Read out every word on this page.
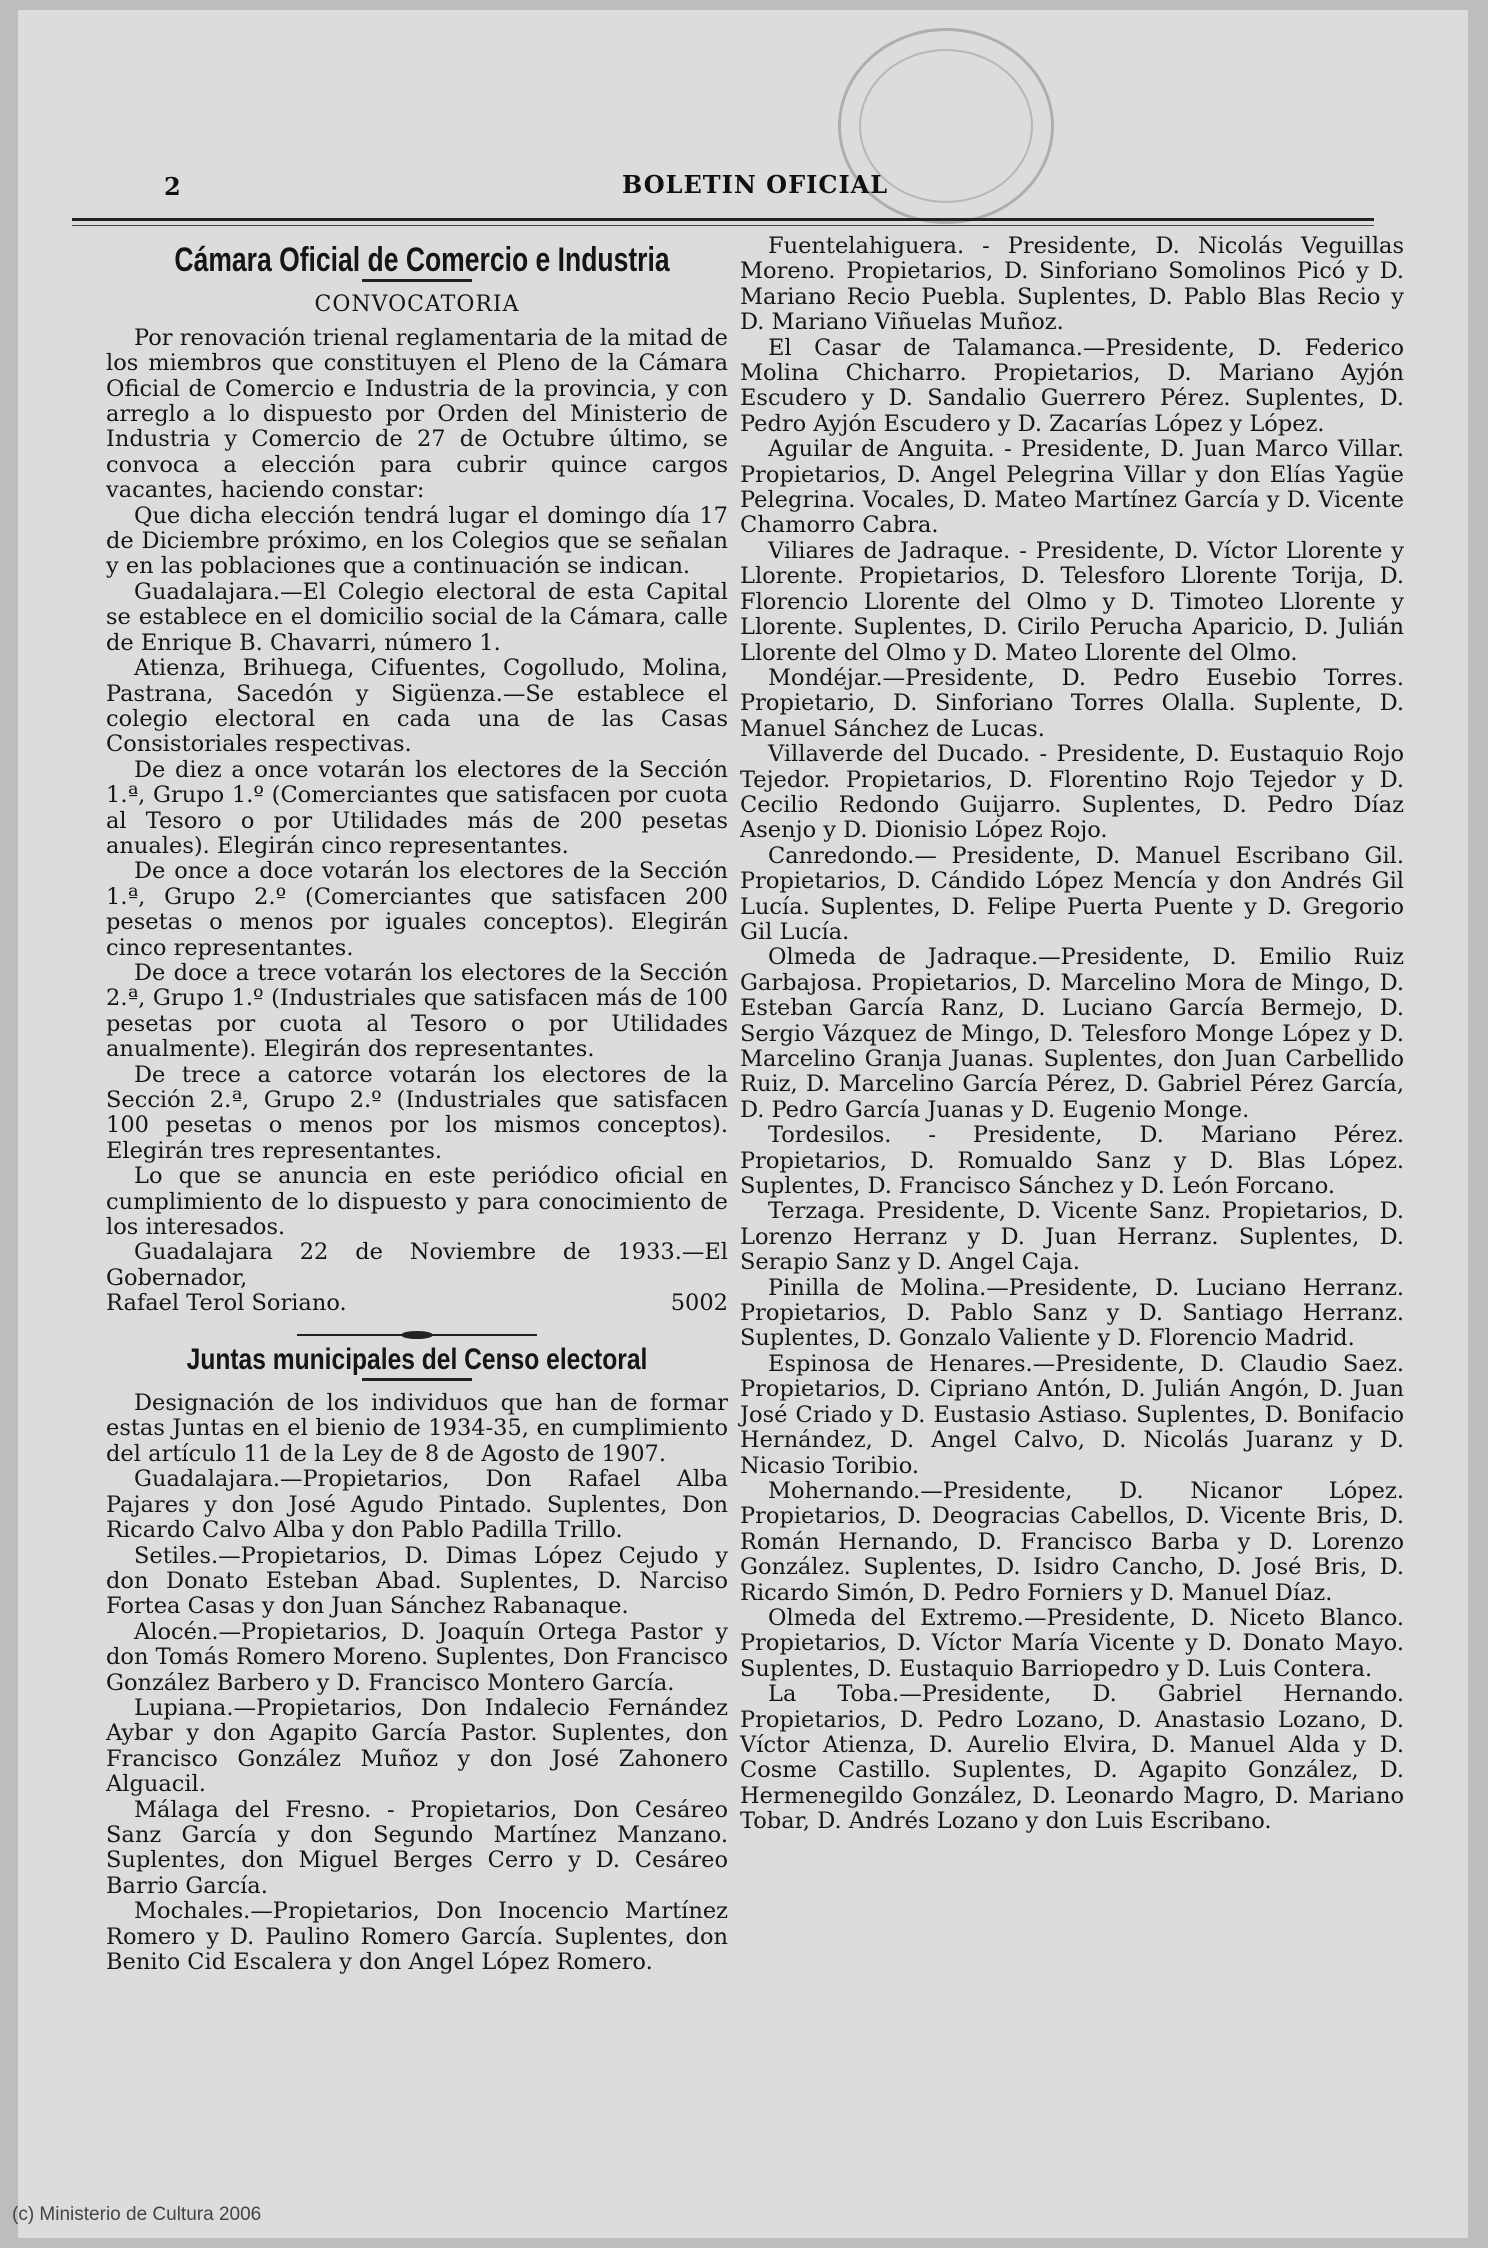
2	BOLETIN OFICIAL
Cámara Oficial de Comercio e Industria
CONVOCATORIA

Por renovación trienal reglamentaria de la mitad de los miembros que constituyen el Pleno de la Cámara Oficial de Comercio e Industria de la provincia, y con arreglo a lo dispuesto por Orden del Ministerio de Industria y Comercio de 27 de Octubre último, se convoca a elección para cubrir quince cargos vacantes, haciendo constar:

Que dicha elección tendrá lugar el domingo día 17 de Diciembre próximo, en los Colegios que se señalan y en las poblaciones que a continuación se indican.

Guadalajara.—El Colegio electoral de esta Capital se establece en el domicilio social de la Cámara, calle de Enrique B. Chavarri, número 1.

Atienza, Brihuega, Cifuentes, Cogolludo, Molina, Pastrana, Sacedón y Sigüenza.—Se establece el colegio electoral en cada una de las Casas Consistoriales respectivas.

De diez a once votarán los electores de la Sección 1.ª, Grupo 1.º (Comerciantes que satisfacen por cuota al Tesoro o por Utilidades más de 200 pesetas anuales). Elegirán cinco representantes.

De once a doce votarán los electores de la Sección 1.ª, Grupo 2.º (Comerciantes que satisfacen 200 pesetas o menos por iguales conceptos). Elegirán cinco representantes.

De doce a trece votarán los electores de la Sección 2.ª, Grupo 1.º (Industriales que satisfacen más de 100 pesetas por cuota al Tesoro o por Utilidades anualmente). Elegirán dos representantes.

De trece a catorce votarán los electores de la Sección 2.ª, Grupo 2.º (Industriales que satisfacen 100 pesetas o menos por los mismos conceptos). Elegirán tres representantes.

Lo que se anuncia en este periódico oficial en cumplimiento de lo dispuesto y para conocimiento de los interesados.

Guadalajara 22 de Noviembre de 1933.—El Gobernador,

Rafael Terol Soriano.	5002
Juntas municipales del Censo electoral

Designación de los individuos que han de formar estas Juntas en el bienio de 1934-35, en cumplimiento del artículo 11 de la Ley de 8 de Agosto de 1907.

Guadalajara.—Propietarios, Don Rafael Alba Pajares y don José Agudo Pintado. Suplentes, Don Ricardo Calvo Alba y don Pablo Padilla Trillo.

Setiles.—Propietarios, D. Dimas López Cejudo y don Donato Esteban Abad. Suplentes, D. Narciso Fortea Casas y don Juan Sánchez Rabanaque.

Alocén.—Propietarios, D. Joaquín Ortega Pastor y don Tomás Romero Moreno. Suplentes, Don Francisco González Barbero y D. Francisco Montero García.

Lupiana.—Propietarios, Don Indalecio Fernández Aybar y don Agapito García Pastor. Suplentes, don Francisco González Muñoz y don José Zahonero Alguacil.

Málaga del Fresno. - Propietarios, Don Cesáreo Sanz García y don Segundo Martínez Manzano. Suplentes, don Miguel Berges Cerro y D. Cesáreo Barrio García.

Mochales.—Propietarios, Don Inocencio Martínez Romero y D. Paulino Romero García. Suplentes, don Benito Cid Escalera y don Angel López Romero.

Fuentelahiguera. - Presidente, D. Nicolás Veguillas Moreno. Propietarios, D. Sinforiano Somolinos Picó y D. Mariano Recio Puebla. Suplentes, D. Pablo Blas Recio y D. Mariano Viñuelas Muñoz.

El Casar de Talamanca.—Presidente, D. Federico Molina Chicharro. Propietarios, D. Mariano Ayjón Escudero y D. Sandalio Guerrero Pérez. Suplentes, D. Pedro Ayjón Escudero y D. Zacarías López y López.

Aguilar de Anguita. - Presidente, D. Juan Marco Villar. Propietarios, D. Angel Pelegrina Villar y don Elías Yagüe Pelegrina. Vocales, D. Mateo Martínez García y D. Vicente Chamorro Cabra.

Viliares de Jadraque. - Presidente, D. Víctor Llorente y Llorente. Propietarios, D. Telesforo Llorente Torija, D. Florencio Llorente del Olmo y D. Timoteo Llorente y Llorente. Suplentes, D. Cirilo Perucha Aparicio, D. Julián Llorente del Olmo y D. Mateo Llorente del Olmo.

Mondéjar.—Presidente, D. Pedro Eusebio Torres. Propietario, D. Sinforiano Torres Olalla. Suplente, D. Manuel Sánchez de Lucas.

Villaverde del Ducado. - Presidente, D. Eustaquio Rojo Tejedor. Propietarios, D. Florentino Rojo Tejedor y D. Cecilio Redondo Guijarro. Suplentes, D. Pedro Díaz Asenjo y D. Dionisio López Rojo.

Canredondo.— Presidente, D. Manuel Escribano Gil. Propietarios, D. Cándido López Mencía y don Andrés Gil Lucía. Suplentes, D. Felipe Puerta Puente y D. Gregorio Gil Lucía.

Olmeda de Jadraque.—Presidente, D. Emilio Ruiz Garbajosa. Propietarios, D. Marcelino Mora de Mingo, D. Esteban García Ranz, D. Luciano García Bermejo, D. Sergio Vázquez de Mingo, D. Telesforo Monge López y D. Marcelino Granja Juanas. Suplentes, don Juan Carbellido Ruiz, D. Marcelino García Pérez, D. Gabriel Pérez García, D. Pedro García Juanas y D. Eugenio Monge.

Tordesilos. - Presidente, D. Mariano Pérez. Propietarios, D. Romualdo Sanz y D. Blas López. Suplentes, D. Francisco Sánchez y D. León Forcano.

Terzaga. Presidente, D. Vicente Sanz. Propietarios, D. Lorenzo Herranz y D. Juan Herranz. Suplentes, D. Serapio Sanz y D. Angel Caja.

Pinilla de Molina.—Presidente, D. Luciano Herranz. Propietarios, D. Pablo Sanz y D. Santiago Herranz. Suplentes, D. Gonzalo Valiente y D. Florencio Madrid.

Espinosa de Henares.—Presidente, D. Claudio Saez. Propietarios, D. Cipriano Antón, D. Julián Angón, D. Juan José Criado y D. Eustasio Astiaso. Suplentes, D. Bonifacio Hernández, D. Angel Calvo, D. Nicolás Juaranz y D. Nicasio Toribio.

Mohernando.—Presidente, D. Nicanor López. Propietarios, D. Deogracias Cabellos, D. Vicente Bris, D. Román Hernando, D. Francisco Barba y D. Lorenzo González. Suplentes, D. Isidro Cancho, D. José Bris, D. Ricardo Simón, D. Pedro Forniers y D. Manuel Díaz.

Olmeda del Extremo.—Presidente, D. Niceto Blanco. Propietarios, D. Víctor María Vicente y D. Donato Mayo. Suplentes, D. Eustaquio Barriopedro y D. Luis Contera.

La Toba.—Presidente, D. Gabriel Hernando. Propietarios, D. Pedro Lozano, D. Anastasio Lozano, D. Víctor Atienza, D. Aurelio Elvira, D. Manuel Alda y D. Cosme Castillo. Suplentes, D. Agapito González, D. Hermenegildo González, D. Leonardo Magro, D. Mariano Tobar, D. Andrés Lozano y don Luis Escribano.

(c) Ministerio de Cultura 2006
